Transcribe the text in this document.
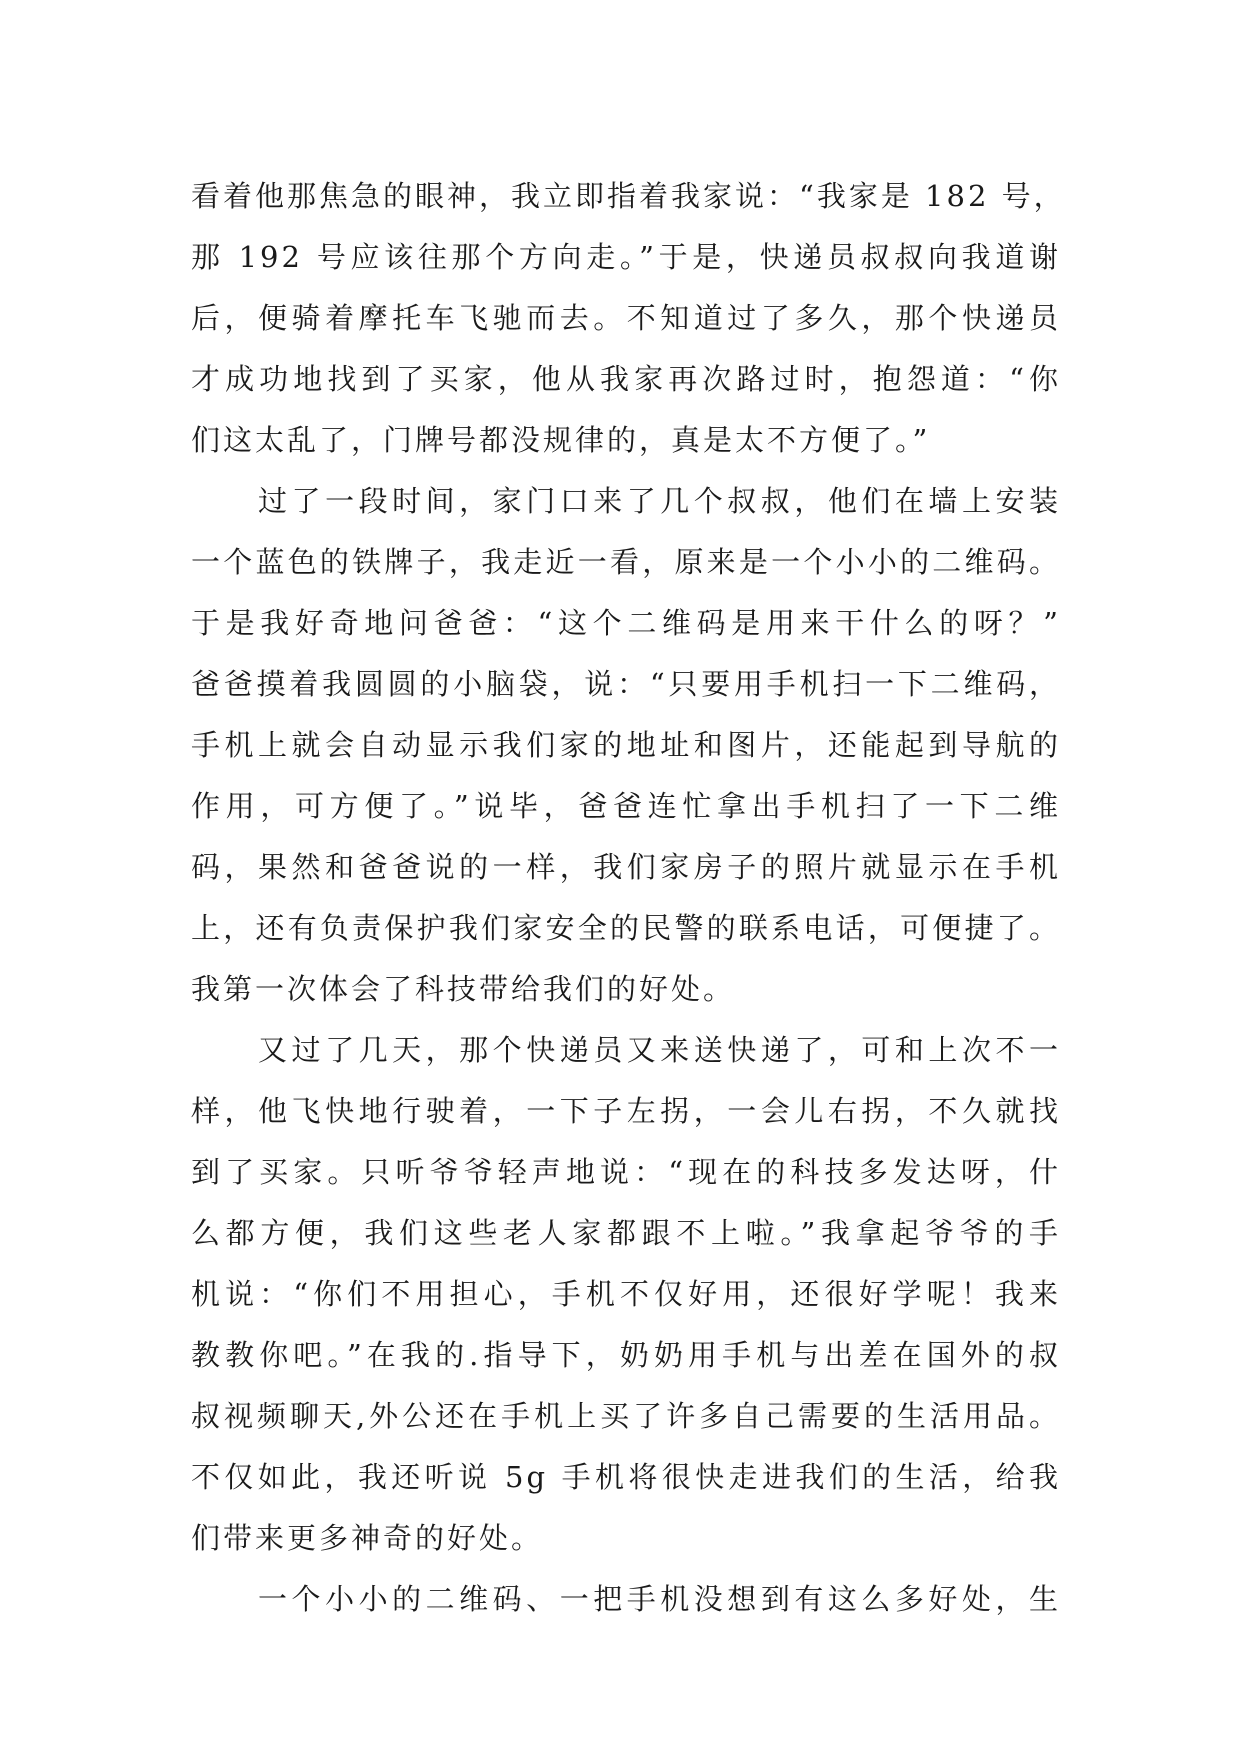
看着他那焦急的眼神，我立即指着我家说：“我家是 182 号，
那 192 号应该往那个方向走。”于是，快递员叔叔向我道谢
后，便骑着摩托车飞驰而去。不知道过了多久，那个快递员
才成功地找到了买家，他从我家再次路过时，抱怨道：“你
们这太乱了，门牌号都没规律的，真是太不方便了。”
　　过了一段时间，家门口来了几个叔叔，他们在墙上安装
一个蓝色的铁牌子，我走近一看，原来是一个小小的二维码。
于是我好奇地问爸爸：“这个二维码是用来干什么的呀？”
爸爸摸着我圆圆的小脑袋，说：“只要用手机扫一下二维码，
手机上就会自动显示我们家的地址和图片，还能起到导航的
作用，可方便了。”说毕，爸爸连忙拿出手机扫了一下二维
码，果然和爸爸说的一样，我们家房子的照片就显示在手机
上，还有负责保护我们家安全的民警的联系电话，可便捷了。
我第一次体会了科技带给我们的好处。
　　又过了几天，那个快递员又来送快递了，可和上次不一
样，他飞快地行驶着，一下子左拐，一会儿右拐，不久就找
到了买家。只听爷爷轻声地说：“现在的科技多发达呀，什
么都方便，我们这些老人家都跟不上啦。”我拿起爷爷的手
机说：“你们不用担心，手机不仅好用，还很好学呢！我来
教教你吧。”在我的.指导下，奶奶用手机与出差在国外的叔
叔视频聊天,外公还在手机上买了许多自己需要的生活用品。
不仅如此，我还听说 5g 手机将很快走进我们的生活，给我
们带来更多神奇的好处。
　　一个小小的二维码、一把手机没想到有这么多好处，生
